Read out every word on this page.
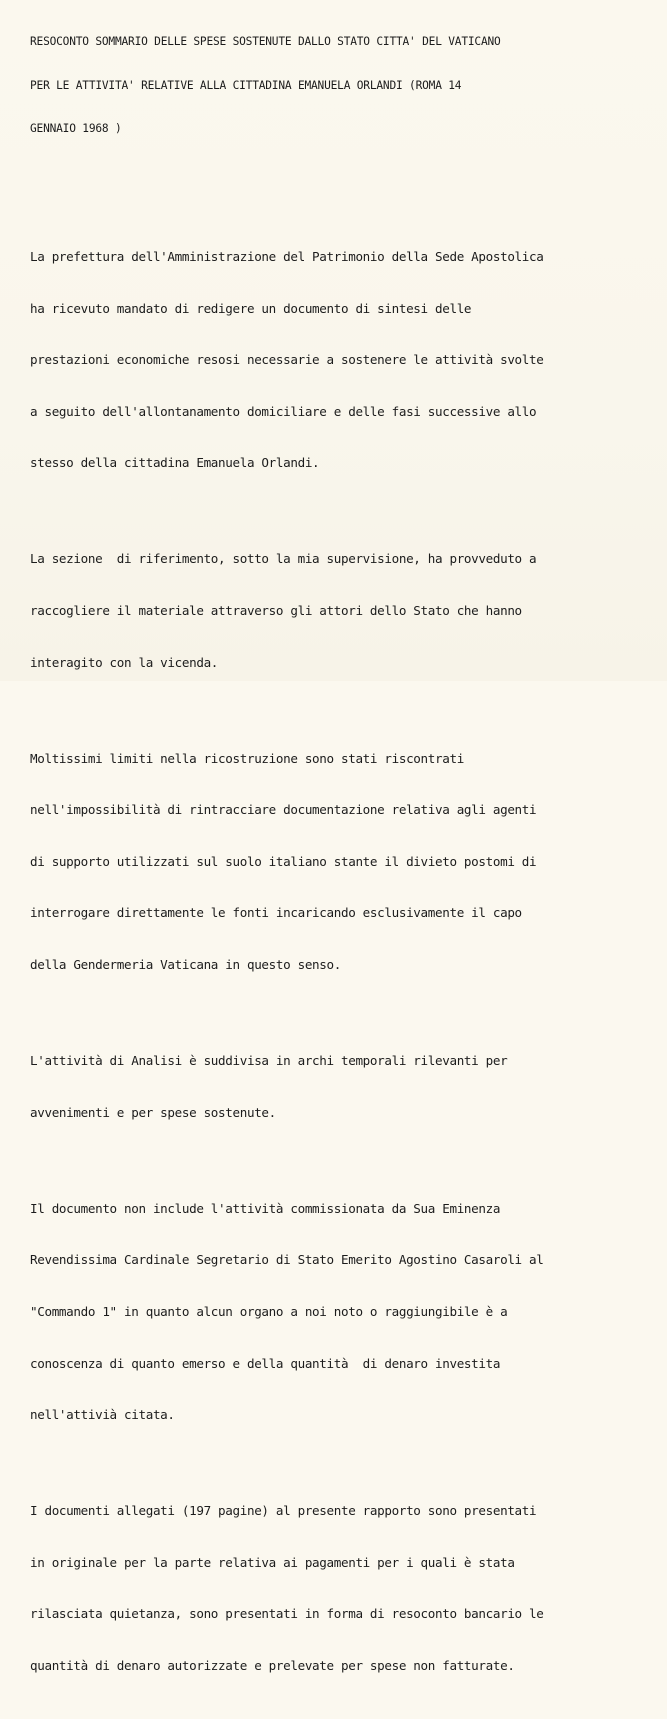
RESOCONTO SOMMARIO DELLE SPESE SOSTENUTE DALLO STATO CITTA' DEL VATICANO

PER LE ATTIVITA' RELATIVE ALLA CITTADINA EMANUELA ORLANDI (ROMA 14

GENNAIO 1968 )

La prefettura dell'Amministrazione del Patrimonio della Sede Apostolica

ha ricevuto mandato di redigere un documento di sintesi delle

prestazioni economiche resosi necessarie a sostenere le attività svolte

a seguito dell'allontanamento domiciliare e delle fasi successive allo

stesso della cittadina Emanuela Orlandi.

La sezione  di riferimento, sotto la mia supervisione, ha provveduto a

raccogliere il materiale attraverso gli attori dello Stato che hanno

interagito con la vicenda.

Moltissimi limiti nella ricostruzione sono stati riscontrati

nell'impossibilità di rintracciare documentazione relativa agli agenti

di supporto utilizzati sul suolo italiano stante il divieto postomi di

interrogare direttamente le fonti incaricando esclusivamente il capo

della Gendermeria Vaticana in questo senso.

L'attività di Analisi è suddivisa in archi temporali rilevanti per

avvenimenti e per spese sostenute.

Il documento non include l'attività commissionata da Sua Eminenza

Revendissima Cardinale Segretario di Stato Emerito Agostino Casaroli al

"Commando 1" in quanto alcun organo a noi noto o raggiungibile è a

conoscenza di quanto emerso e della quantità  di denaro investita

nell'attivià citata.

I documenti allegati (197 pagine) al presente rapporto sono presentati

in originale per la parte relativa ai pagamenti per i quali è stata

rilasciata quietanza, sono presentati in forma di resoconto bancario le

quantità di denaro autorizzate e prelevate per spese non fatturate.
